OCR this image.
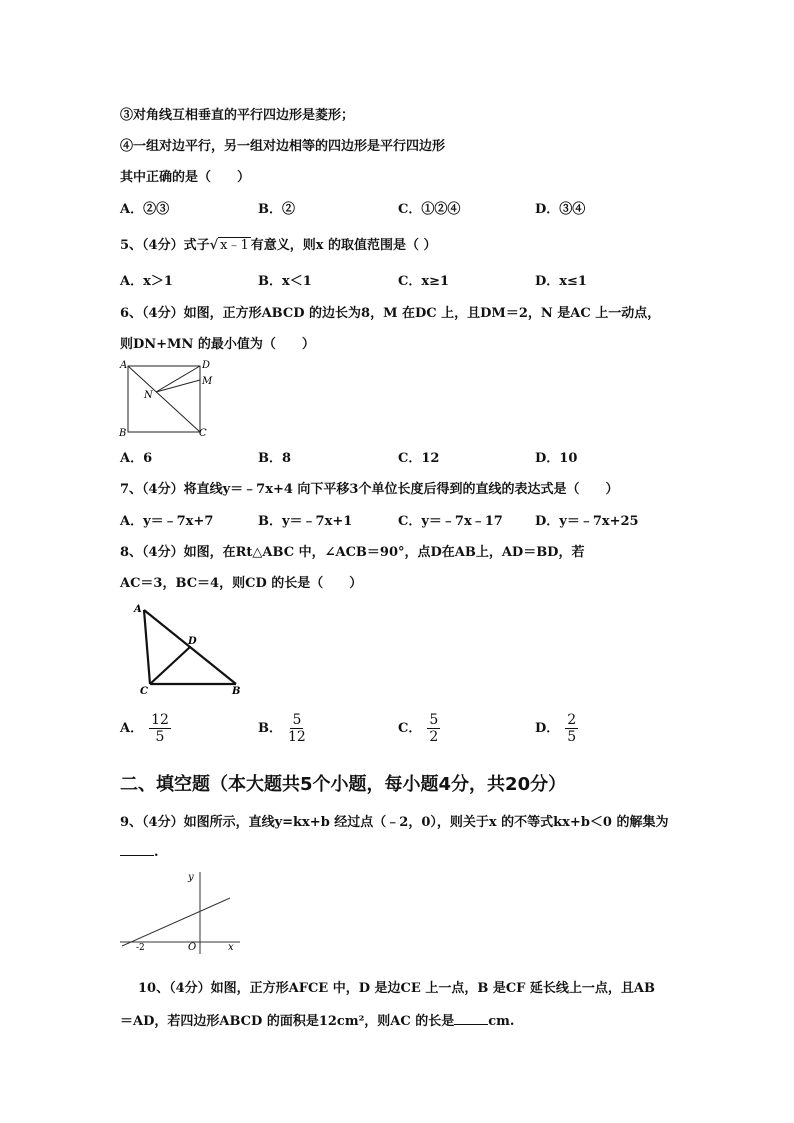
③对角线互相垂直的平行四边形是菱形；
④一组对边平行，另一组对边相等的四边形是平行四边形
其中正确的是（　　）
A．②③	B．②	C．①②④	D．③④
5、（4分）式子√ x﹣1 有意义，则x 的取值范围是（ ）
A．x＞1	B．x＜1	C．x≥1	D．x≤1
6、（4分）如图，正方形ABCD 的边长为8，M 在DC 上，且DM＝2，N 是AC 上一动点，
则DN+MN 的最小值为（　　）
A	D
M
N
B	C
A．6	B．8	C．12	D．10
7、（4分）将直线y＝﹣7x+4 向下平移3个单位长度后得到的直线的表达式是（　　）
A．y＝﹣7x+7	B．y＝﹣7x+1	C．y＝﹣7x﹣17 D．y＝﹣7x+25
8、（4分）如图，在Rt△ABC 中，∠ACB＝90°，点D在AB上，AD＝BD，若
AC＝3，BC＝4，则CD 的长是（　　）
A
D
C	B
A． $\frac{12}{5}$	B． $\frac{5}{12}$	C． $\frac{5}{2}$	D． $\frac{2}{5}$
二、填空题（本大题共5个小题，每小题4分，共20分）
9、（4分）如图所示，直线y=kx+b 经过点（﹣2，0），则关于x 的不等式kx+b＜0 的解集为
.
y
x
O
-2
10、（4分）如图，正方形AFCE 中，D 是边CE 上一点，B 是CF 延长线上一点，且AB
＝AD，若四边形ABCD 的面积是12cm²，则AC 的长是	cm.
